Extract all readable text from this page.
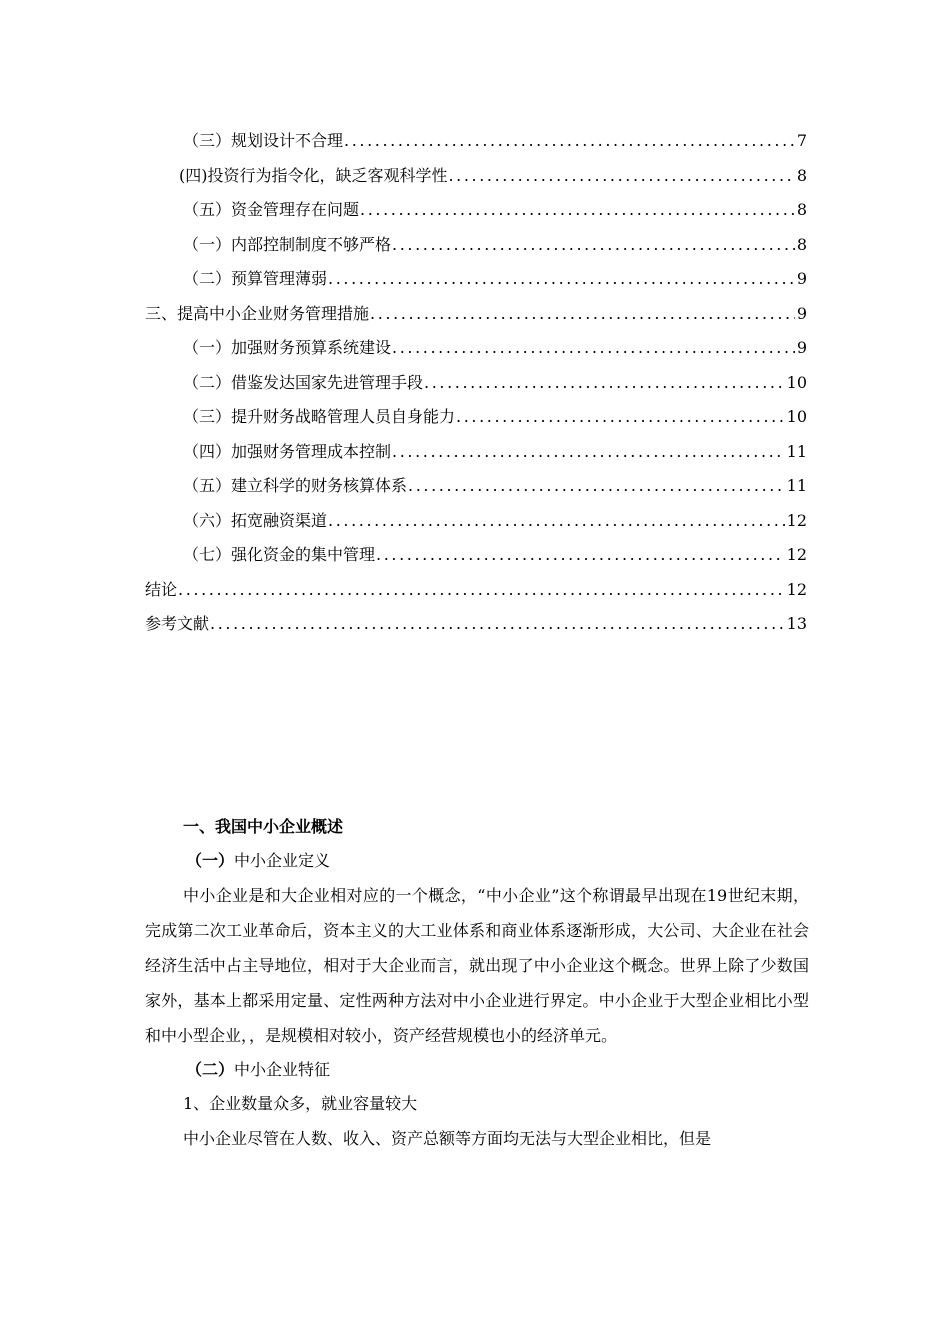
（三）规划设计不合理 .....	7
(四)投资行为指令化，缺乏客观科学性 .....	8
（五）资金管理存在问题 .....	8
（一）内部控制制度不够严格 .....	8
（二）预算管理薄弱 .....	9
三、提高中小企业财务管理措施 .....	9
（一）加强财务预算系统建设 .....	9
（二）借鉴发达国家先进管理手段 .....	10
（三）提升财务战略管理人员自身能力 .....	10
（四）加强财务管理成本控制 .....	11
（五）建立科学的财务核算体系 .....	11
（六）拓宽融资渠道 .....	12
（七）强化资金的集中管理 .....	12
结论 .....	12
参考文献 .....	13
一、我国中小企业概述
（一）中小企业定义

中小企业是和大企业相对应的一个概念，“中小企业”这个称谓最早出现在19世纪末期，完成第二次工业革命后，资本主义的大工业体系和商业体系逐渐形成，大公司、大企业在社会经济生活中占主导地位，相对于大企业而言，就出现了中小企业这个概念。世界上除了少数国家外，基本上都采用定量、定性两种方法对中小企业进行界定。中小企业于大型企业相比小型和中小型企业，，是规模相对较小，资产经营规模也小的经济单元。

（二）中小企业特征
1、企业数量众多，就业容量较大

中小企业尽管在人数、收入、资产总额等方面均无法与大型企业相比，但是
